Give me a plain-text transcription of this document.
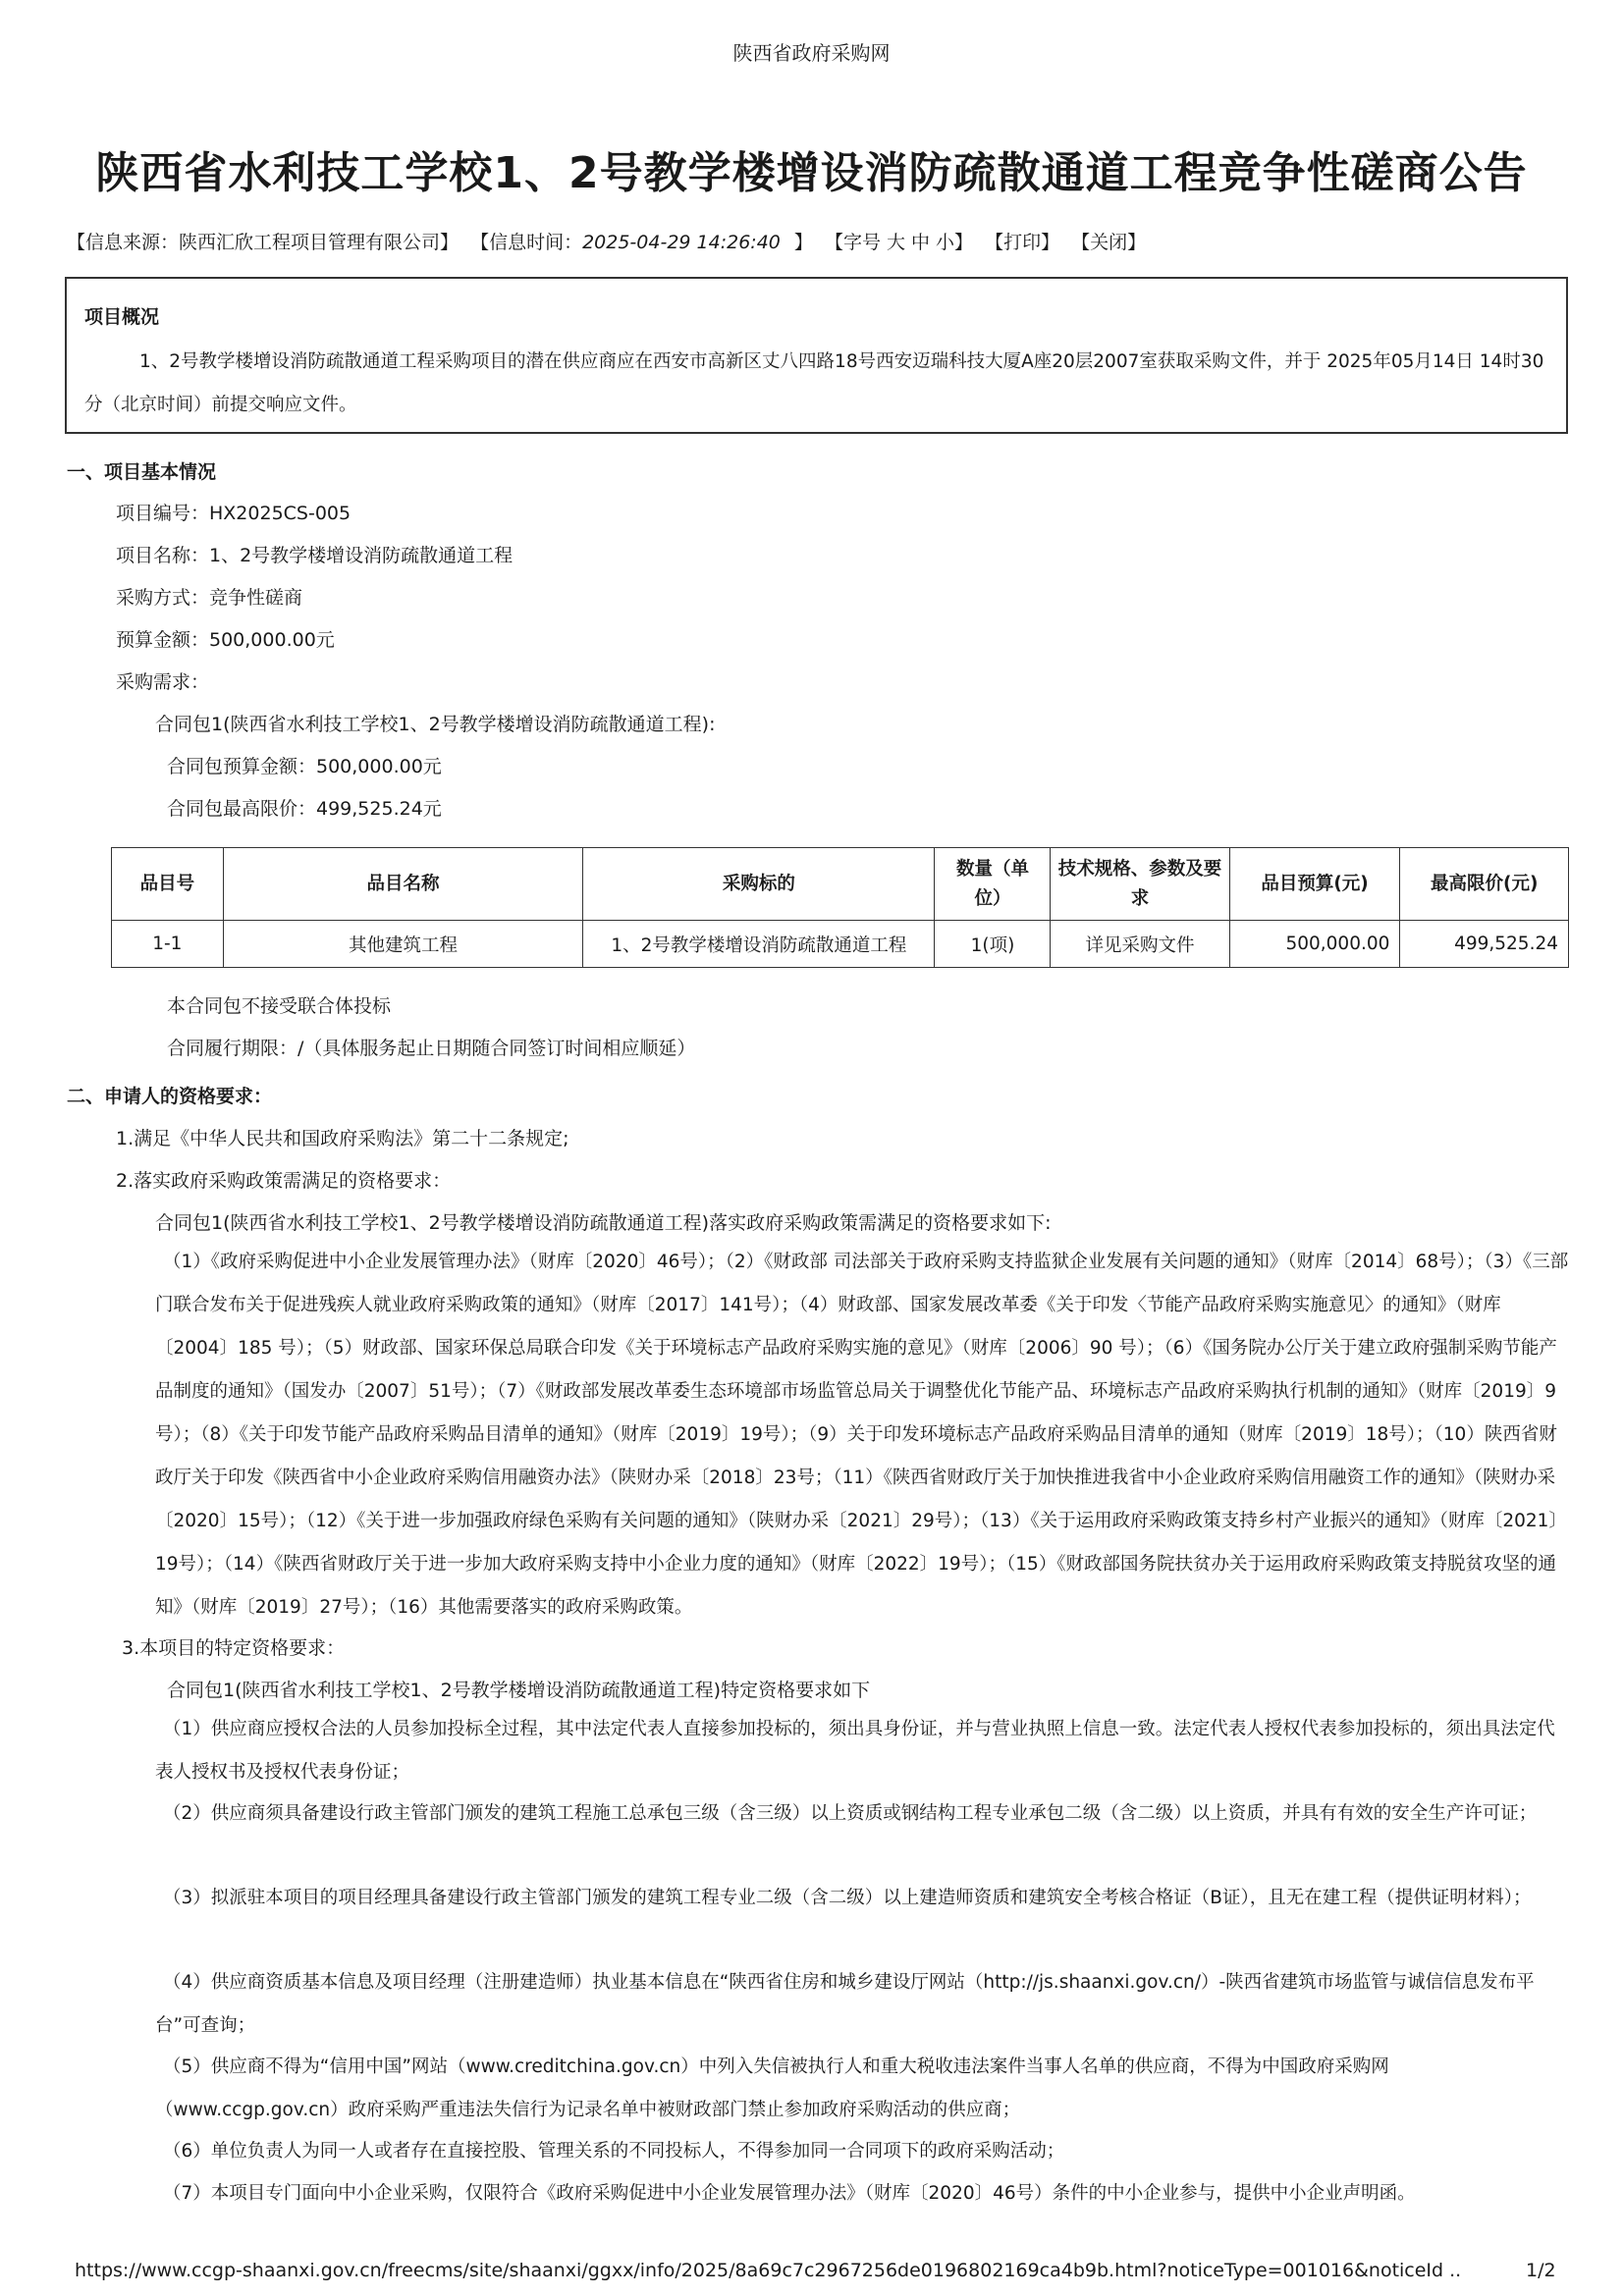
陕西省政府采购网
陕西省水利技工学校1、2号教学楼增设消防疏散通道工程竞争性磋商公告
【信息来源：陕西汇欣工程项目管理有限公司】 【信息时间：2025-04-29 14:26:40 】 【字号 大 中 小】 【打印】 【关闭】
项目概况
1、2号教学楼增设消防疏散通道工程采购项目的潜在供应商应在西安市高新区丈八四路18号西安迈瑞科技大厦A座20层2007室获取采购文件，并于 2025年05月14日 14时30分（北京时间）前提交响应文件。
一、项目基本情况
项目编号：HX2025CS-005
项目名称：1、2号教学楼增设消防疏散通道工程
采购方式：竞争性磋商
预算金额：500,000.00元
采购需求：
合同包1(陕西省水利技工学校1、2号教学楼增设消防疏散通道工程):
合同包预算金额：500,000.00元
合同包最高限价：499,525.24元
品目号	品目名称	采购标的	数量（单位）	技术规格、参数及要求	品目预算(元)	最高限价(元)
1-1	其他建筑工程	1、2号教学楼增设消防疏散通道工程	1(项)	详见采购文件	500,000.00	499,525.24
本合同包不接受联合体投标
合同履行期限：/（具体服务起止日期随合同签订时间相应顺延）
二、申请人的资格要求：
1.满足《中华人民共和国政府采购法》第二十二条规定;
2.落实政府采购政策需满足的资格要求：
合同包1(陕西省水利技工学校1、2号教学楼增设消防疏散通道工程)落实政府采购政策需满足的资格要求如下:
（1）《政府采购促进中小企业发展管理办法》（财库〔2020〕46号）；（2）《财政部 司法部关于政府采购支持监狱企业发展有关问题的通知》（财库〔2014〕68号）；（3）《三部门联合发布关于促进残疾人就业政府采购政策的通知》（财库〔2017〕141号）；（4）财政部、国家发展改革委《关于印发〈节能产品政府采购实施意见〉的通知》（财库〔2004〕185 号）；（5）财政部、国家环保总局联合印发《关于环境标志产品政府采购实施的意见》（财库〔2006〕90 号）；（6）《国务院办公厅关于建立政府强制采购节能产品制度的通知》（国发办〔2007〕51号）；（7）《财政部发展改革委生态环境部市场监管总局关于调整优化节能产品、环境标志产品政府采购执行机制的通知》（财库〔2019〕9号）；（8）《关于印发节能产品政府采购品目清单的通知》（财库〔2019〕19号）；（9）关于印发环境标志产品政府采购品目清单的通知（财库〔2019〕18号）；（10）陕西省财政厅关于印发《陕西省中小企业政府采购信用融资办法》（陕财办采〔2018〕23号；（11）《陕西省财政厅关于加快推进我省中小企业政府采购信用融资工作的通知》（陕财办采〔2020〕15号）；（12）《关于进一步加强政府绿色采购有关问题的通知》（陕财办采〔2021〕29号）；（13）《关于运用政府采购政策支持乡村产业振兴的通知》（财库〔2021〕19号）；（14）《陕西省财政厅关于进一步加大政府采购支持中小企业力度的通知》（财库〔2022〕19号）；（15）《财政部国务院扶贫办关于运用政府采购政策支持脱贫攻坚的通知》（财库〔2019〕27号）；（16）其他需要落实的政府采购政策。
3.本项目的特定资格要求：
合同包1(陕西省水利技工学校1、2号教学楼增设消防疏散通道工程)特定资格要求如下
（1）供应商应授权合法的人员参加投标全过程，其中法定代表人直接参加投标的，须出具身份证，并与营业执照上信息一致。法定代表人授权代表参加投标的，须出具法定代表人授权书及授权代表身份证；
（2）供应商须具备建设行政主管部门颁发的建筑工程施工总承包三级（含三级）以上资质或钢结构工程专业承包二级（含二级）以上资质，并具有有效的安全生产许可证；
（3）拟派驻本项目的项目经理具备建设行政主管部门颁发的建筑工程专业二级（含二级）以上建造师资质和建筑安全考核合格证（B证），且无在建工程（提供证明材料）；
（4）供应商资质基本信息及项目经理（注册建造师）执业基本信息在“陕西省住房和城乡建设厅网站（http://js.shaanxi.gov.cn/）-陕西省建筑市场监管与诚信信息发布平台”可查询；
（5）供应商不得为“信用中国”网站（www.creditchina.gov.cn）中列入失信被执行人和重大税收违法案件当事人名单的供应商，不得为中国政府采购网（www.ccgp.gov.cn）政府采购严重违法失信行为记录名单中被财政部门禁止参加政府采购活动的供应商；
（6）单位负责人为同一人或者存在直接控股、管理关系的不同投标人，不得参加同一合同项下的政府采购活动；
（7）本项目专门面向中小企业采购，仅限符合《政府采购促进中小企业发展管理办法》（财库〔2020〕46号）条件的中小企业参与，提供中小企业声明函。
https://www.ccgp-shaanxi.gov.cn/freecms/site/shaanxi/ggxx/info/2025/8a69c7c2967256de0196802169ca4b9b.html?noticeType=001016&noticeId ..	1/2
